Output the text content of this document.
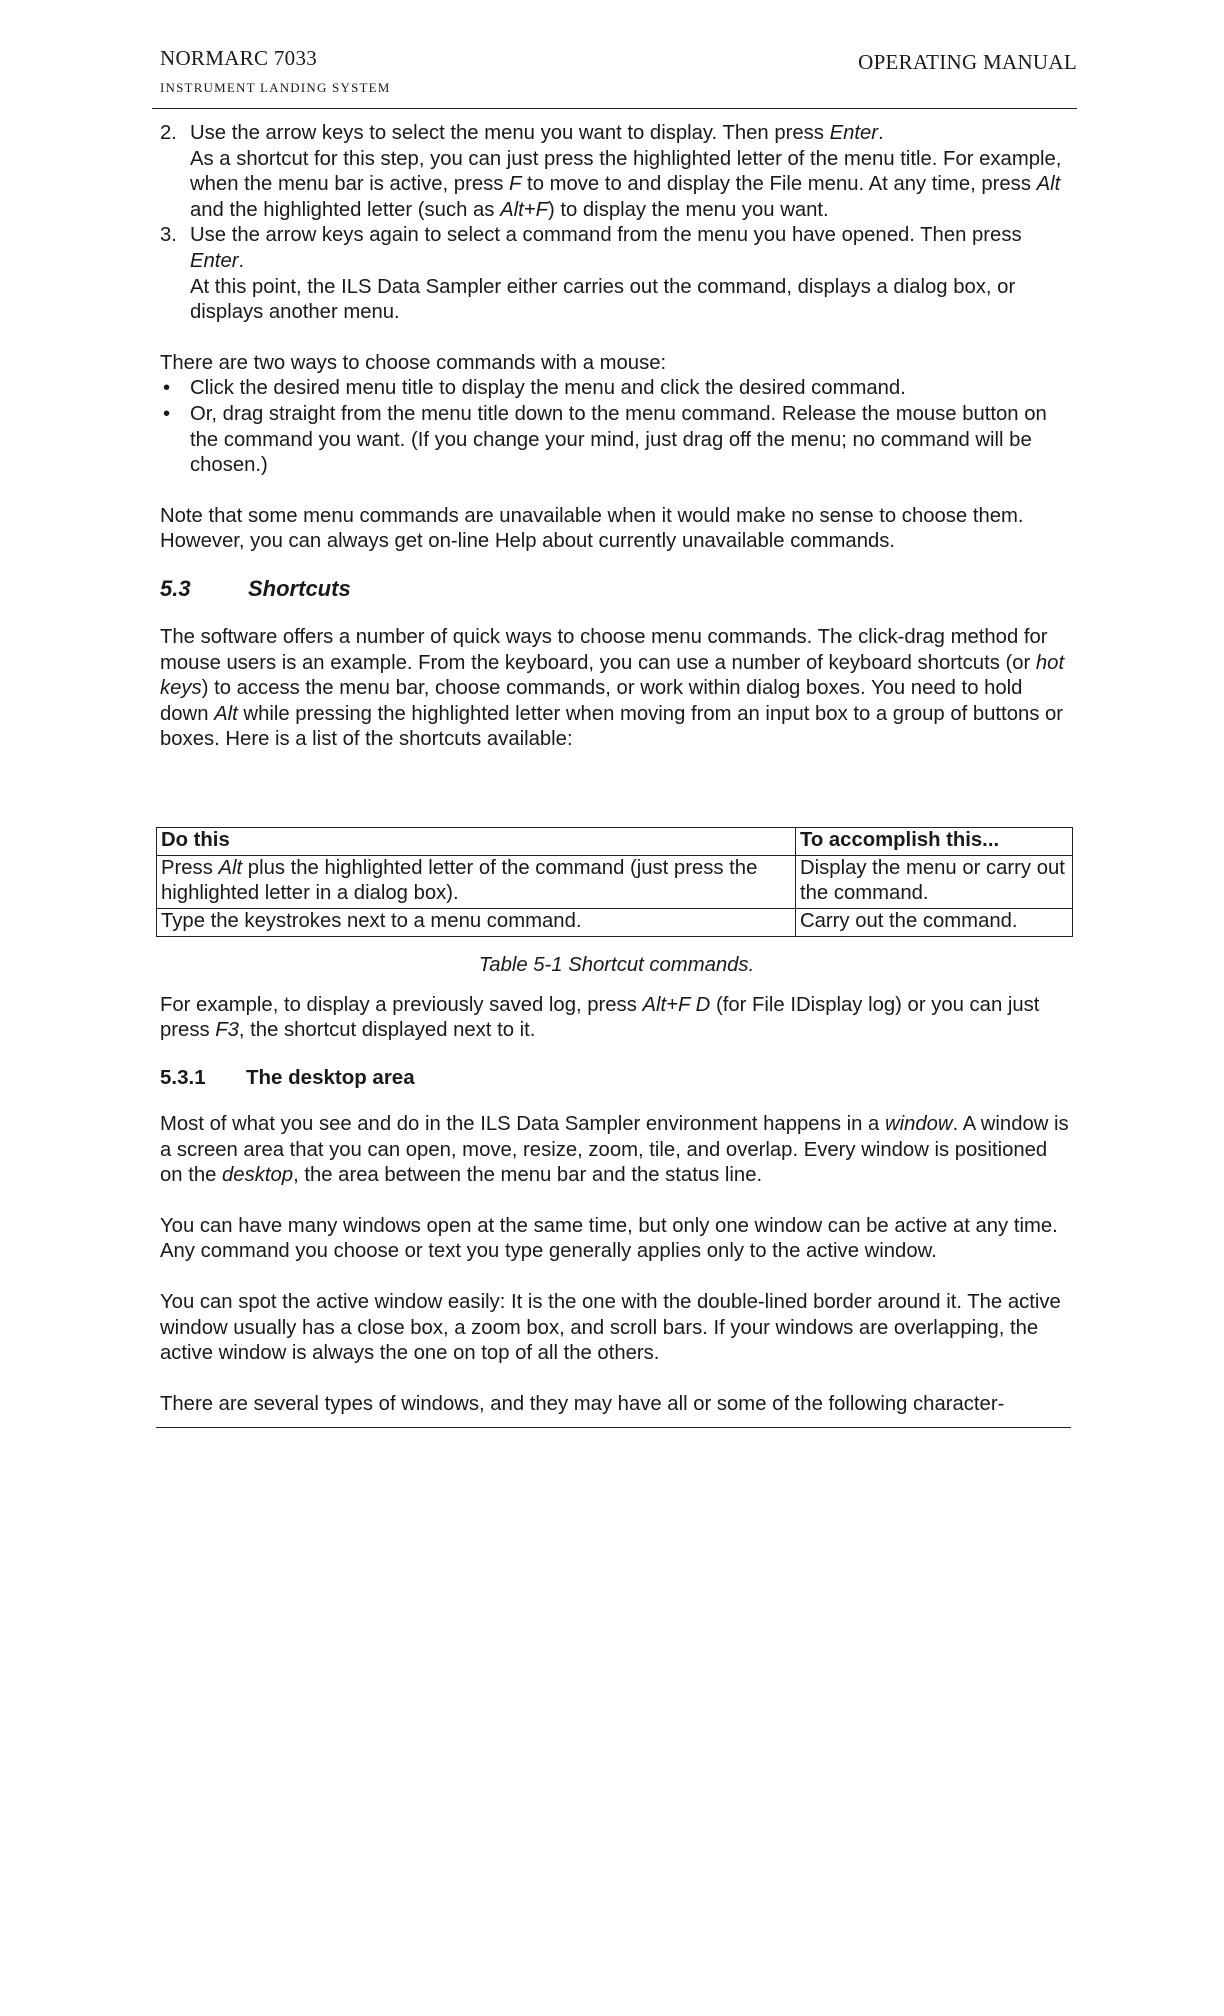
NORMARC 7033
INSTRUMENT LANDING SYSTEM
OPERATING MANUAL
2. Use the arrow keys to select the menu you want to display. Then press Enter.
As a shortcut for this step, you can just press the highlighted letter of the menu title. For example, when the menu bar is active, press F to move to and display the File menu. At any time, press Alt and the highlighted letter (such as Alt+F) to display the menu you want.

3. Use the arrow keys again to select a command from the menu you have opened. Then press Enter.
At this point, the ILS Data Sampler either carries out the command, displays a dialog box, or displays another menu.

There are two ways to choose commands with a mouse:

• Click the desired menu title to display the menu and click the desired command.
• Or, drag straight from the menu title down to the menu command. Release the mouse button on the command you want. (If you change your mind, just drag off the menu; no command will be chosen.)

Note that some menu commands are unavailable when it would make no sense to choose them. However, you can always get on-line Help about currently unavailable commands.

5.3	Shortcuts

The software offers a number of quick ways to choose menu commands. The click-drag method for mouse users is an example. From the keyboard, you can use a number of keyboard shortcuts (or hot keys) to access the menu bar, choose commands, or work within dialog boxes. You need to hold down Alt while pressing the highlighted letter when moving from an input box to a group of buttons or boxes. Here is a list of the shortcuts available:

Do this	To accomplish this...
Press Alt plus the highlighted letter of the command (just press the highlighted letter in a dialog box).	Display the menu or carry out the command.
Type the keystrokes next to a menu command.	Carry out the command.
Table 5-1 Shortcut commands.

For example, to display a previously saved log, press Alt+F D (for File IDisplay log) or you can just press F3, the shortcut displayed next to it.

5.3.1 The desktop area

Most of what you see and do in the ILS Data Sampler environment happens in a window. A window is a screen area that you can open, move, resize, zoom, tile, and overlap. Every window is positioned on the desktop, the area between the menu bar and the status line.

You can have many windows open at the same time, but only one window can be active at any time. Any command you choose or text you type generally applies only to the active window.

You can spot the active window easily: It is the one with the double-lined border around it. The active window usually has a close box, a zoom box, and scroll bars. If your windows are overlapping, the active window is always the one on top of all the others.

There are several types of windows, and they may have all or some of the following character-
